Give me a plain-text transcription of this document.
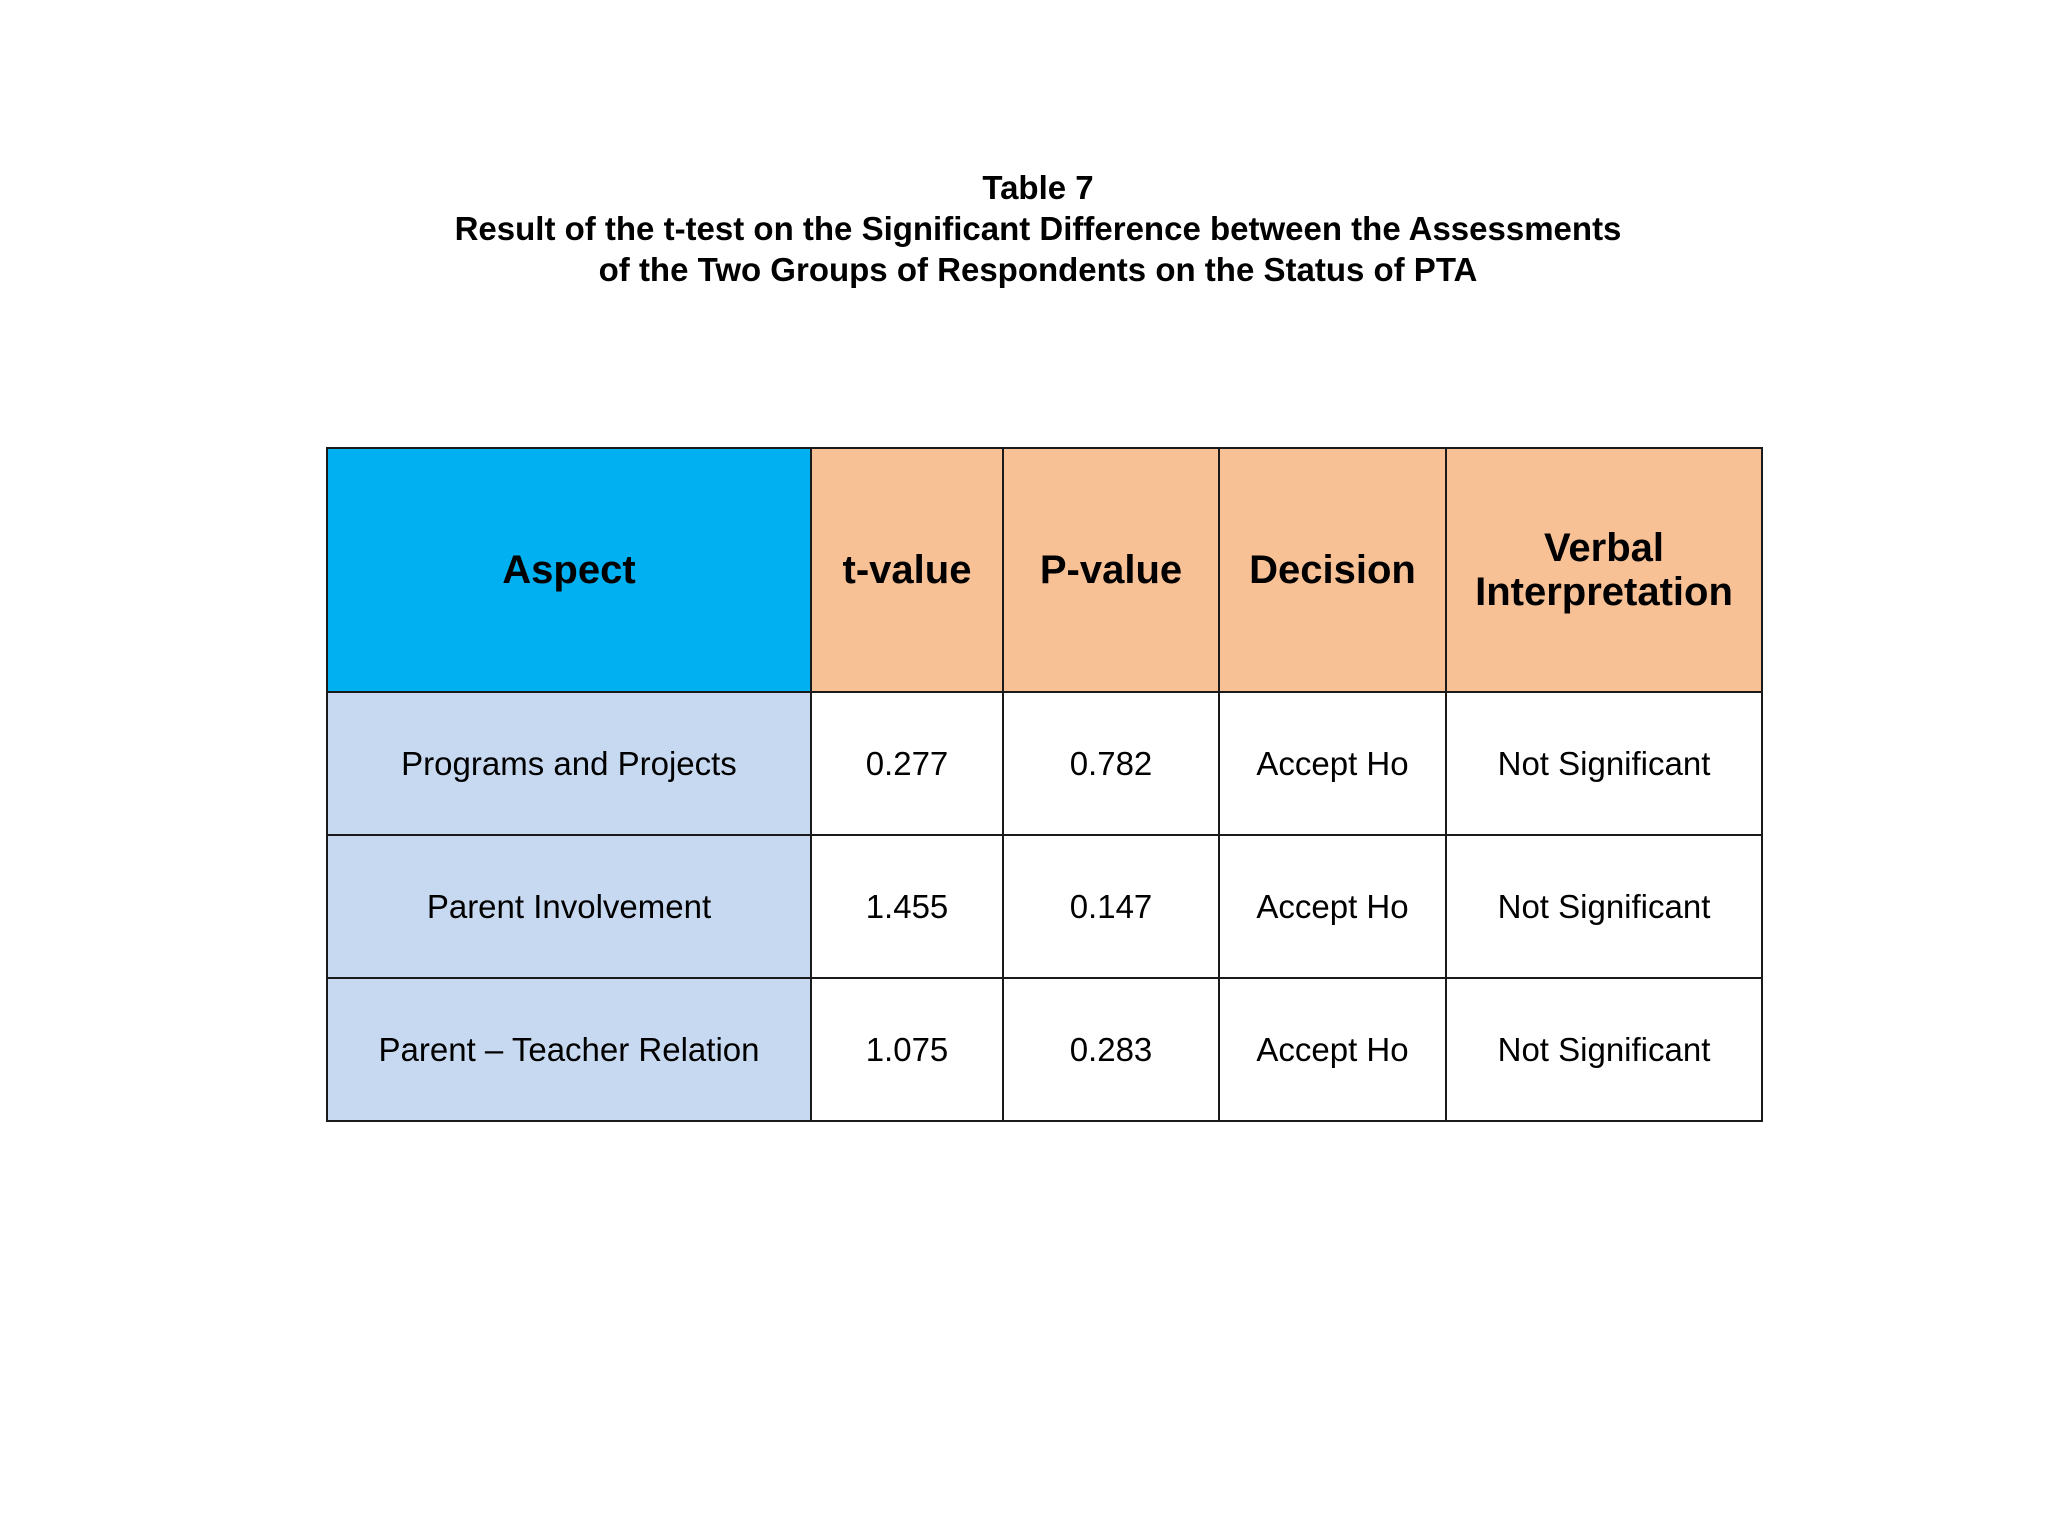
Table 7
Result of the t-test on the Significant Difference between the Assessments
of the Two Groups of Respondents on the Status of PTA
Aspect	t-value	P-value	Decision	Verbal
Interpretation
Programs and Projects	0.277	0.782	Accept Ho	Not Significant
Parent Involvement	1.455	0.147	Accept Ho	Not Significant
Parent – Teacher Relation	1.075	0.283	Accept Ho	Not Significant
